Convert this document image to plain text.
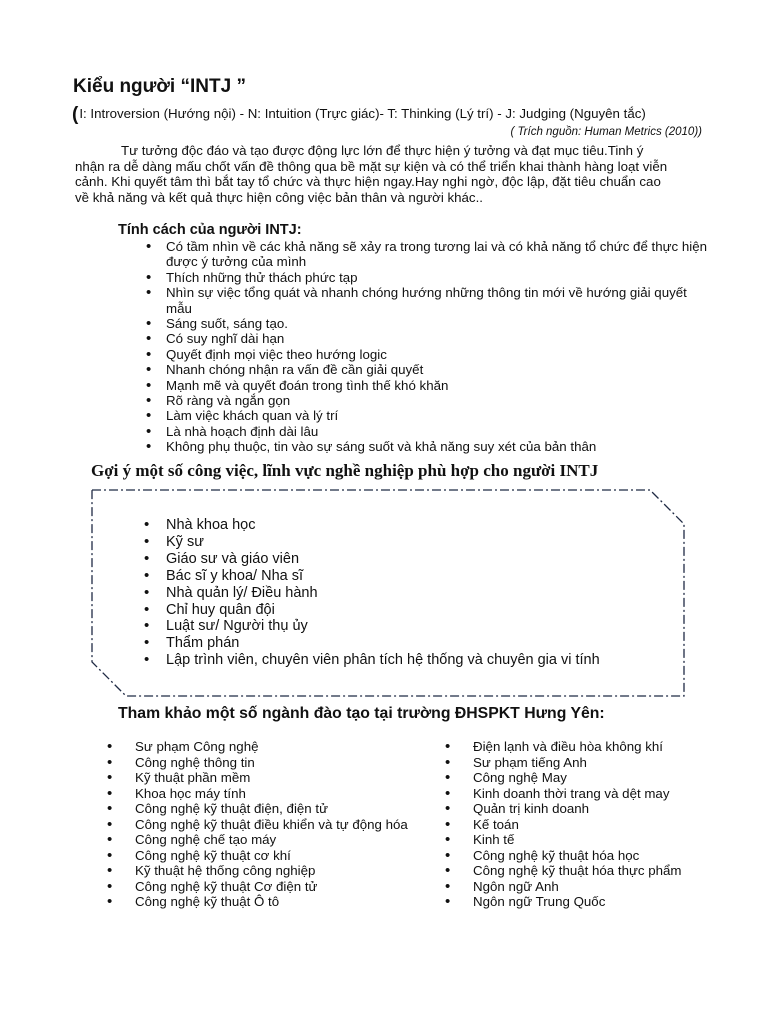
Kiểu người “INTJ ”
(I: Introversion (Hướng nội) - N: Intuition (Trực giác)- T: Thinking (Lý trí) - J: Judging (Nguyên tắc)
( Trích nguồn: Human Metrics (2010))

Tư tưởng độc đáo và tạo được động lực lớn để thực hiện ý tưởng và đạt mục tiêu.Tinh ý nhận ra dễ dàng mấu chốt vấn đề thông qua bề mặt sự kiện và có thể triển khai thành hàng loạt viễn cảnh. Khi quyết tâm thì bắt tay tổ chức và thực hiện ngay.Hay nghi ngờ, độc lập, đặt tiêu chuẩn cao về khả năng và kết quả thực hiện công việc bản thân và người khác..

Tính cách của người INTJ:
• Có tầm nhìn về các khả năng sẽ xảy ra trong tương lai và có khả năng tổ chức để thực hiện được ý tưởng của mình
• Thích những thử thách phức tạp
• Nhìn sự việc tổng quát và nhanh chóng hướng những thông tin mới về hướng giải quyết mẫu
• Sáng suốt, sáng tạo.
• Có suy nghĩ dài hạn
• Quyết định mọi việc theo hướng logic
• Nhanh chóng nhận ra vấn đề cần giải quyết
• Mạnh mẽ và quyết đoán trong tình thế khó khăn
• Rõ ràng và ngắn gọn
• Làm việc khách quan và lý trí
• Là nhà hoạch định dài lâu
• Không phụ thuộc, tin vào sự sáng suốt và khả năng suy xét của bản thân
Gợi ý một số công việc, lĩnh vực nghề nghiệp phù hợp cho người INTJ
• Nhà khoa học
• Kỹ sư
• Giáo sư và giáo viên
• Bác sĩ y khoa/ Nha sĩ
• Nhà quản lý/ Điều hành
• Chỉ huy quân đội
• Luật sư/ Người thụ ủy
• Thẩm phán
• Lập trình viên, chuyên viên phân tích hệ thống và chuyên gia vi tính
Tham khảo một số ngành đào tạo tại trường ĐHSPKT Hưng Yên:
• Sư phạm Công nghệ
• Công nghệ thông tin
• Kỹ thuật phần mềm
• Khoa học máy tính
• Công nghệ kỹ thuật điện, điện tử
• Công nghệ kỹ thuật điều khiển và tự động hóa
• Công nghệ chế tạo máy
• Công nghệ kỹ thuật cơ khí
• Kỹ thuật hệ thống công nghiệp
• Công nghệ kỹ thuật Cơ điện tử
• Công nghệ kỹ thuật Ô tô
• Điện lạnh và điều hòa không khí
• Sư phạm tiếng Anh
• Công nghệ May
• Kinh doanh thời trang và dệt may
• Quản trị kinh doanh
• Kế toán
• Kinh tế
• Công nghệ kỹ thuật hóa học
• Công nghệ kỹ thuật hóa thực phẩm
• Ngôn ngữ Anh
• Ngôn ngữ Trung Quốc
